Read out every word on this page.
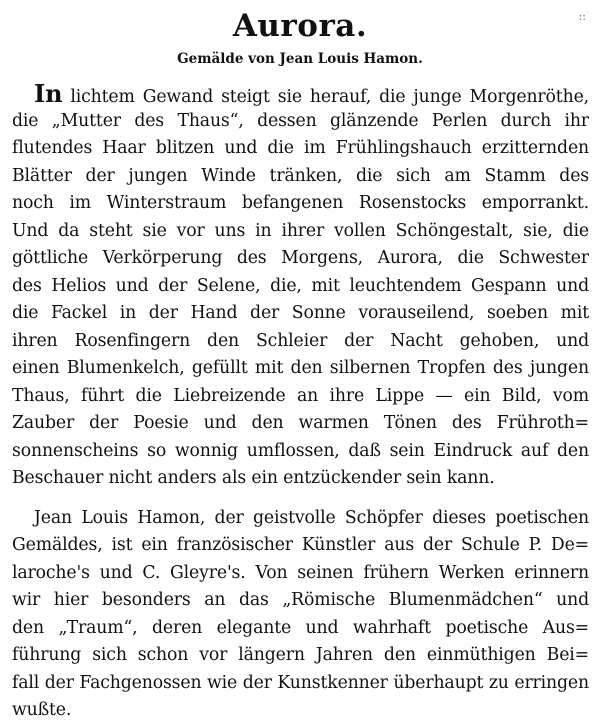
::
Aurora.
Gemälde von Jean Louis Hamon.
In lichtem Gewand steigt sie herauf, die junge Morgenröthe,
die „Mutter des Thaus“, dessen glänzende Perlen durch ihr
flutendes Haar blitzen und die im Frühlingshauch erzitternden
Blätter der jungen Winde tränken, die sich am Stamm des
noch im Winterstraum befangenen Rosenstocks emporrankt.
Und da steht sie vor uns in ihrer vollen Schöngestalt, sie, die
göttliche Verkörperung des Morgens, Aurora, die Schwester
des Helios und der Selene, die, mit leuchtendem Gespann und
die Fackel in der Hand der Sonne vorauseilend, soeben mit
ihren Rosenfingern den Schleier der Nacht gehoben, und
einen Blumenkelch, gefüllt mit den silbernen Tropfen des jungen
Thaus, führt die Liebreizende an ihre Lippe — ein Bild, vom
Zauber der Poesie und den warmen Tönen des Frühroth=
sonnenscheins so wonnig umflossen, daß sein Eindruck auf den
Beschauer nicht anders als ein entzückender sein kann.
Jean Louis Hamon, der geistvolle Schöpfer dieses poetischen
Gemäldes, ist ein französischer Künstler aus der Schule P. De=
laroche's und C. Gleyre's. Von seinen frühern Werken erinnern
wir hier besonders an das „Römische Blumenmädchen“ und
den „Traum“, deren elegante und wahrhaft poetische Aus=
führung sich schon vor längern Jahren den einmüthigen Bei=
fall der Fachgenossen wie der Kunstkenner überhaupt zu erringen
wußte.
